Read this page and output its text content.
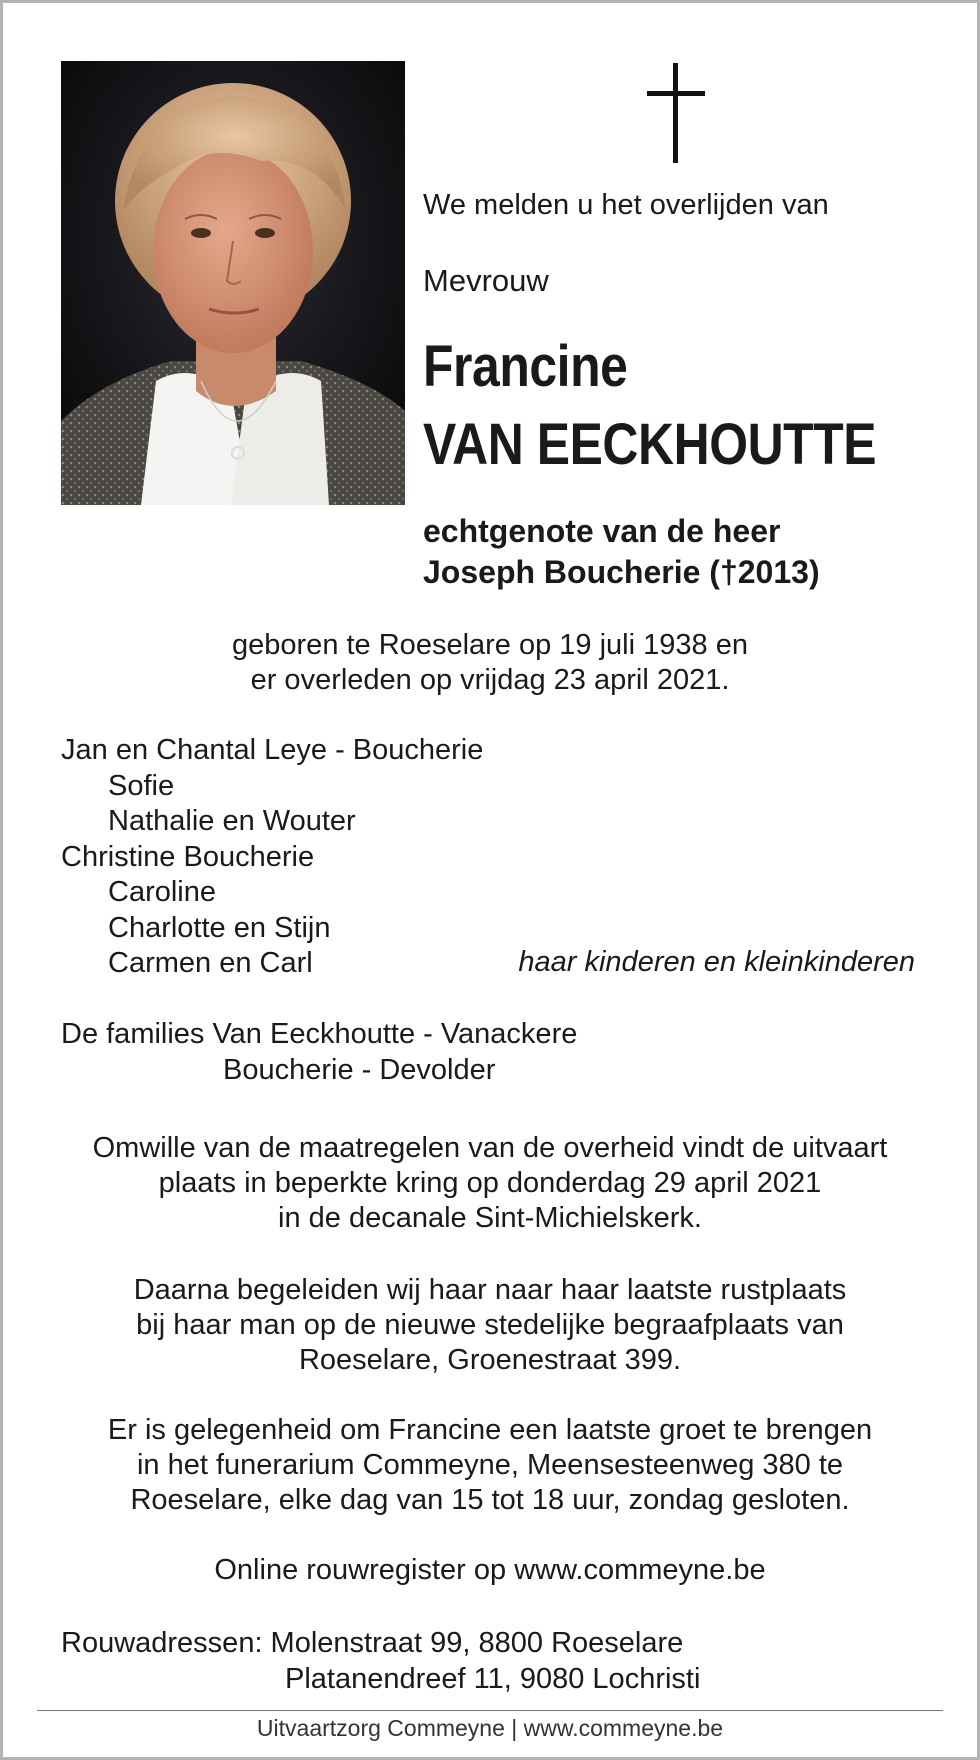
We melden u het overlijden van
Mevrouw
Francine
VAN EECKHOUTTE
echtgenote van de heer
Joseph Boucherie (†2013)
geboren te Roeselare op 19 juli 1938 en
er overleden op vrijdag 23 april 2021.
Jan en Chantal Leye - Boucherie
Sofie
Nathalie en Wouter
Christine Boucherie
Caroline
Charlotte en Stijn
Carmen en Carl	haar kinderen en kleinkinderen
De families Van Eeckhoutte - Vanackere
Boucherie - Devolder
Omwille van de maatregelen van de overheid vindt de uitvaart
plaats in beperkte kring op donderdag 29 april 2021
in de decanale Sint-Michielskerk.
Daarna begeleiden wij haar naar haar laatste rustplaats
bij haar man op de nieuwe stedelijke begraafplaats van
Roeselare, Groenestraat 399.
Er is gelegenheid om Francine een laatste groet te brengen
in het funerarium Commeyne, Meensesteenweg 380 te
Roeselare, elke dag van 15 tot 18 uur, zondag gesloten.
Online rouwregister op www.commeyne.be
Rouwadressen: Molenstraat 99, 8800 Roeselare
Platanendreef 11, 9080 Lochristi
Uitvaartzorg Commeyne | www.commeyne.be
